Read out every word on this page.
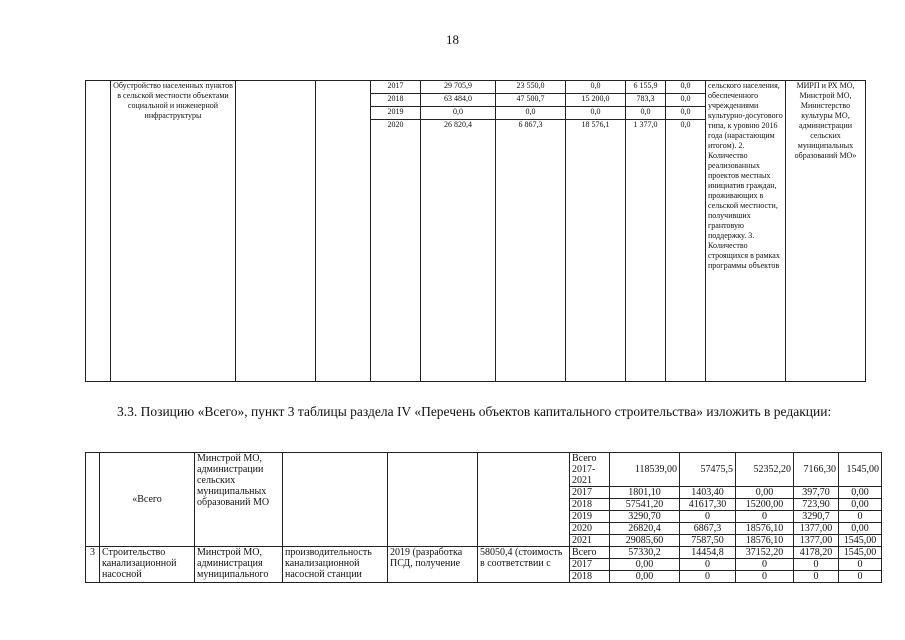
18
	Обустройство населенных пунктов в сельской местности объектами социальной и инженерной инфраструктуры			2017	29 705,9	23 550,0	0,0	6 155,9	0,0	сельского населения, обеспеченного учреждениями культурно-досугового типа, к уровню 2016 года (нарастающим итогом). 2. Количество реализованных проектов местных инициатив граждан, проживающих в сельской местности, получивших грантовую поддержку. 3. Количество строящихся в рамках программы объектов	МИРП и РХ МО, Минстрой МО, Министерство культуры МО, администрации сельских муниципальных образований МО»
				2018	63 484,0	47 500,7	15 200,0	783,3	0,0		
				2019	0,0	0,0	0,0	0,0	0,0		
				2020	26 820,4	6 867,3	18 576,1	1 377,0	0,0		
3.3. Позицию «Всего», пункт 3 таблицы раздела IV «Перечень объектов капитального строительства» изложить в редакции:
	«Всего	Минстрой МО, администрации сельских муниципальных образований МО				Всего 2017-2021	118539,00	57475,5	52352,20	7166,30	1545,00
						2017	1801,10	1403,40	0,00	397,70	0,00
						2018	57541,20	41617,30	15200,00	723,90	0,00
						2019	3290,70	0	0	3290,7	0
						2020	26820,4	6867,3	18576,10	1377,00	0,00
						2021	29085,60	7587,50	18576,10	1377,00	1545,00
3	Строительство канализационной насосной	Минстрой МО, администрация муниципального	производительность канализационной насосной станции	2019 (разработка ПСД, получение	58050,4 (стоимость в соответствии с	Всего	57330,2	14454,8	37152,20	4178,20	1545,00
						2017	0,00	0	0	0	0
						2018	0,00	0	0	0	0
